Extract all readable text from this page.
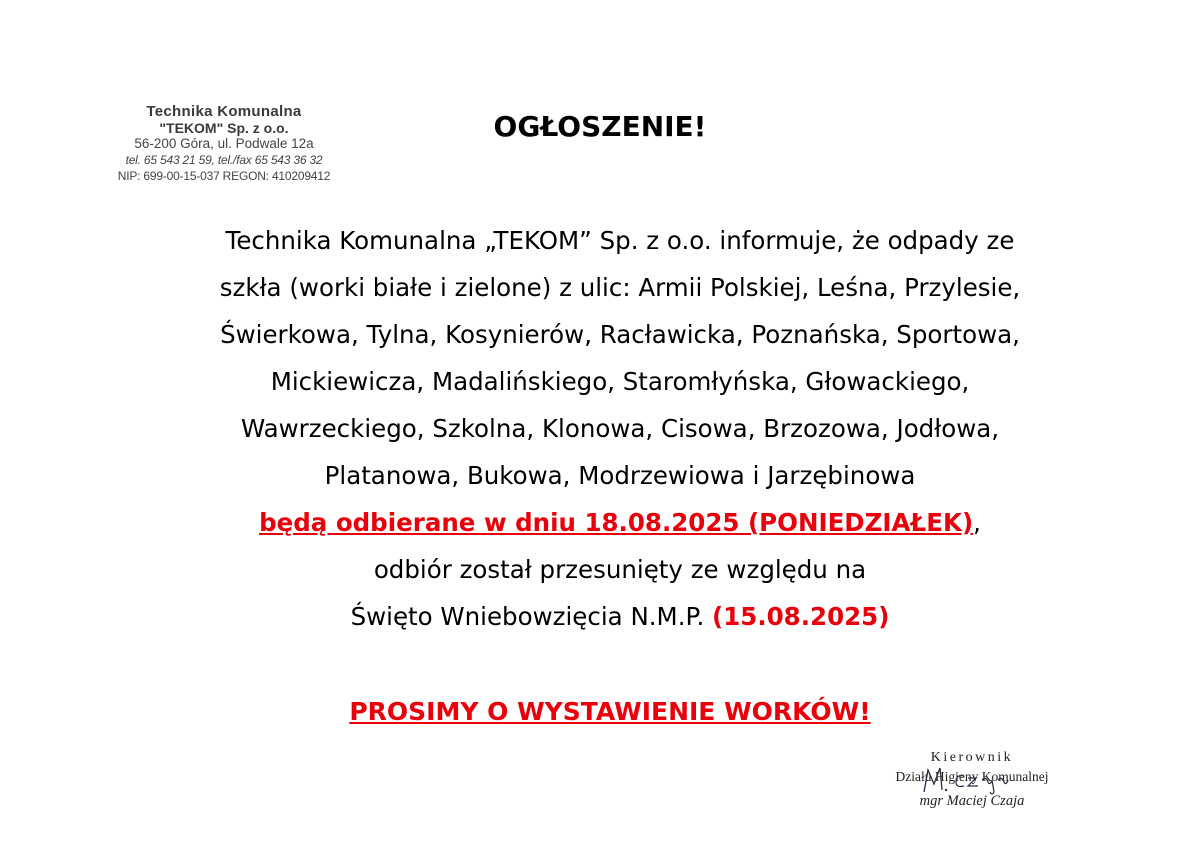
Technika Komunalna
"TEKOM" Sp. z o.o.
56-200 Góra, ul. Podwale 12a
tel. 65 543 21 59, tel./fax 65 543 36 32
NIP: 699-00-15-037 REGON: 410209412
OGŁOSZENIE!

Technika Komunalna „TEKOM” Sp. z o.o. informuje, że odpady ze

szkła (worki białe i zielone) z ulic: Armii Polskiej, Leśna, Przylesie,

Świerkowa, Tylna, Kosynierów, Racławicka, Poznańska, Sportowa,

Mickiewicza, Madalińskiego, Staromłyńska, Głowackiego,

Wawrzeckiego, Szkolna, Klonowa, Cisowa, Brzozowa, Jodłowa,

Platanowa, Bukowa, Modrzewiowa i Jarzębinowa

będą odbierane w dniu 18.08.2025 (PONIEDZIAŁEK),

odbiór został przesunięty ze względu na

Święto Wniebowzięcia N.M.P. (15.08.2025)

PROSIMY O WYSTAWIENIE WORKÓW!
Kierownik
Działu Higieny Komunalnej
mgr Maciej Czaja
